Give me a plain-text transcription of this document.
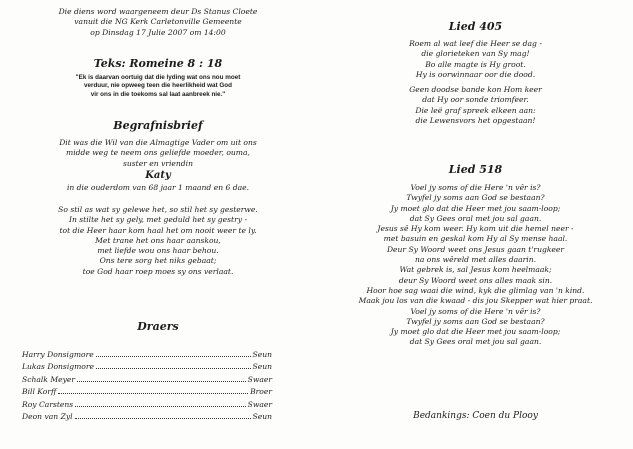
Die diens word waargeneem deur Ds Stanus Cloete
vanuit die NG Kerk Carletonville Gemeente
op Dinsdag 17 Julie 2007 om 14:00
Teks: Romeine 8 : 18
"Ek is daarvan oortuig dat die lyding wat ons nou moet
verduur, nie opweeg teen die heerlikheid wat God
vir ons in die toekoms sal laat aanbreek nie."
Begrafnisbrief
Dit was die Wil van die Almagtige Vader om uit ons
midde weg te neem ons geliefde moeder, ouma,
suster en vriendin
Katy
in die ouderdom van 68 jaar 1 maand en 6 dae.
So stil as wat sy gelewe het, so stil het sy gesterwe.
In stilte het sy gely, met geduld het sy gestry -
tot die Heer haar kom haal het om nooit weer te ly.
Met trane het ons haar aanskou,
met liefde wou ons haar behou.
Ons tere sorg het niks gebaat;
toe God haar roep moes sy ons verlaat.
Draers
Harry Donsigmore	Seun
Lukas Donsigmore	Seun
Schalk Meyer	Swaer
Bill Korff	Broer
Roy Carstens	Swaer
Deon van Zyl	Seun
Lied 405
Roem al wat leef die Heer se dag -
die glorieteken van Sy mag!
Bo alle magte is Hy groot.
Hy is oorwinnaar oor die dood.
Geen doodse bande kon Hom keer
dat Hy oor sonde triomfeer.
Die leë graf spreek elkeen aan:
die Lewensvors het opgestaan!
Lied 518
Voel jy soms of die Here 'n vêr is?
Twyfel jy soms aan God se bestaan?
Jy moet glo dat die Heer met jou saam-loop;
dat Sy Gees oral met jou sal gaan.
Jesus sê Hy kom weer. Hy kom uit die hemel neer -
met basuin en geskal kom Hy al Sy mense haal.
Deur Sy Woord weet ons Jesus gaan t'rugkeer
na ons wêreld met alles daarin.
Wat gebrek is, sal Jesus kom heelmaak;
deur Sy Woord weet ons alles maak sin.
Hoor hoe sag waai die wind, kyk die glimlag van 'n kind.
Maak jou los van die kwaad - dis jou Skepper wat hier praat.
Voel jy soms of die Here 'n vêr is?
Twyfel jy soms aan God se bestaan?
Jy moet glo dat die Heer met jou saam-loop;
dat Sy Gees oral met jou sal gaan.
Bedankings: Coen du Plooy
